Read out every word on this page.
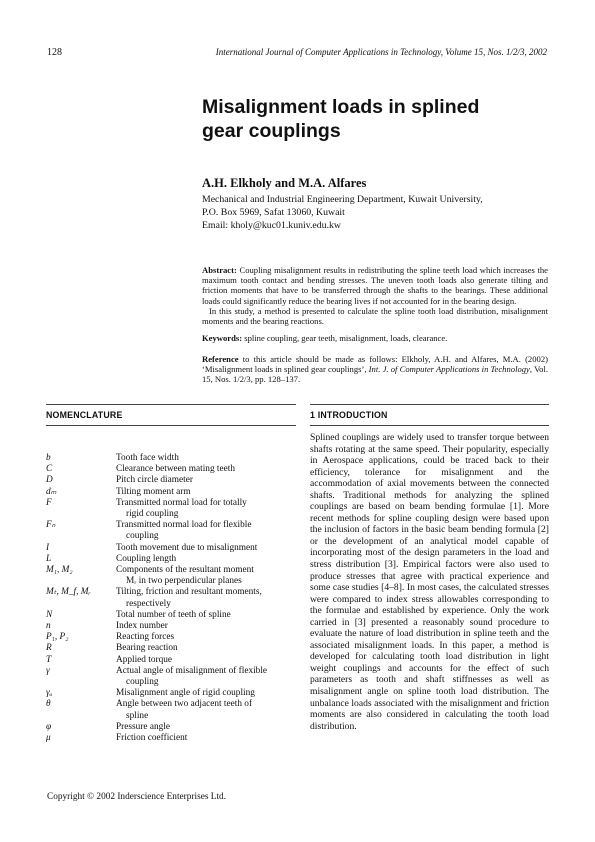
128	International Journal of Computer Applications in Technology, Volume 15, Nos. 1/2/3, 2002
Misalignment loads in splined
gear couplings
A.H. Elkholy and M.A. Alfares
Mechanical and Industrial Engineering Department, Kuwait University,
P.O. Box 5969, Safat 13060, Kuwait
Email: kholy@kuc01.kuniv.edu.kw

Abstract: Coupling misalignment results in redistributing the spline teeth load which increases the maximum tooth contact and bending stresses. The uneven tooth loads also generate tilting and friction moments that have to be transferred through the shafts to the bearings. These additional loads could significantly reduce the bearing lives if not accounted for in the bearing design.

In this study, a method is presented to calculate the spline tooth load distribution, misalignment moments and the bearing reactions.

Keywords: spline coupling, gear teeth, misalignment, loads, clearance.
Reference to this article should be made as follows: Elkholy, A.H. and Alfares, M.A. (2002) ‘Misalignment loads in splined gear couplings’, Int. J. of Computer Applications in Technology, Vol. 15, Nos. 1/2/3, pp. 128–137.
NOMENCLATURE	1 INTRODUCTION
b	Tooth face width
C	Clearance between mating teeth
D	Pitch circle diameter
dₘ	Tilting moment arm
F	Transmitted normal load for totally
rigid coupling
Fₙ	Transmitted normal load for flexible
coupling
I	Tooth movement due to misalignment
L	Coupling length
M₁, M₂	Components of the resultant moment
Mᵣ in two perpendicular planes
Mₜ, M_f, Mᵣ	Tilting, friction and resultant moments,
respectively
N	Total number of teeth of spline
n	Index number
P₁, P₂	Reacting forces
R	Bearing reaction
T	Applied torque
γ	Actual angle of misalignment of flexible
coupling
γₒ	Misalignment angle of rigid coupling
θ	Angle between two adjacent teeth of
spline
φ	Pressure angle
μ	Friction coefficient
Splined couplings are widely used to transfer torque between shafts rotating at the same speed. Their popularity, especially in Aerospace applications, could be traced back to their efficiency, tolerance for misalignment and the accommodation of axial movements between the connected shafts. Traditional methods for analyzing the splined couplings are based on beam bending formulae [1]. More recent methods for spline coupling design were based upon the inclusion of factors in the basic beam bending formula [2] or the development of an analytical model capable of incorporating most of the design parameters in the load and stress distribution [3]. Empirical factors were also used to produce stresses that agree with practical experience and some case studies [4–8]. In most cases, the calculated stresses were compared to index stress allowables corresponding to the formulae and established by experience. Only the work carried in [3] presented a reasonably sound procedure to evaluate the nature of load distribution in spline teeth and the associated misalignment loads. In this paper, a method is developed for calculating tooth load distribution in light weight couplings and accounts for the effect of such parameters as tooth and shaft stiffnesses as well as misalignment angle on spline tooth load distribution. The unbalance loads associated with the misalignment and friction moments are also considered in calculating the tooth load distribution.
Copyright © 2002 Inderscience Enterprises Ltd.
